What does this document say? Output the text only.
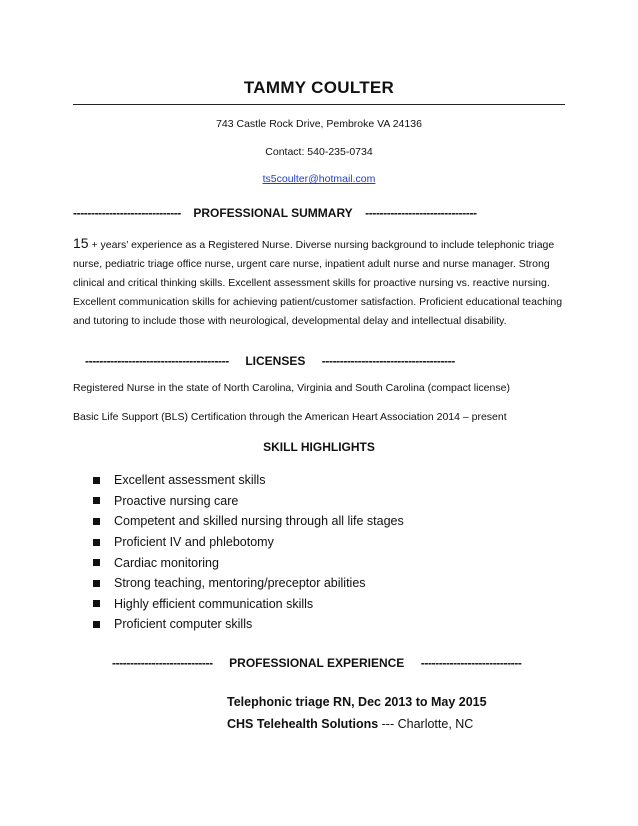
TAMMY COULTER
743 Castle Rock Drive, Pembroke VA 24136
Contact: 540-235-0734
ts5coulter@hotmail.com
------------------------------ PROFESSIONAL SUMMARY -------------------------------
15 + years’ experience as a Registered Nurse. Diverse nursing background to include telephonic triage nurse, pediatric triage office nurse, urgent care nurse, inpatient adult nurse and nurse manager. Strong clinical and critical thinking skills. Excellent assessment skills for proactive nursing vs. reactive nursing. Excellent communication skills for achieving patient/customer satisfaction. Proficient educational teaching and tutoring to include those with neurological, developmental delay and intellectual disability.
---------------------------------------- LICENSES -------------------------------------
Registered Nurse in the state of North Carolina, Virginia and South Carolina (compact license)
Basic Life Support (BLS) Certification through the American Heart Association 2014 – present
SKILL HIGHLIGHTS
Excellent assessment skills
Proactive nursing care
Competent and skilled nursing through all life stages
Proficient IV and phlebotomy
Cardiac monitoring
Strong teaching, mentoring/preceptor abilities
Highly efficient communication skills
Proficient computer skills
---------------------------- PROFESSIONAL EXPERIENCE ----------------------------
Telephonic triage RN, Dec 2013 to May 2015
CHS Telehealth Solutions --- Charlotte, NC
